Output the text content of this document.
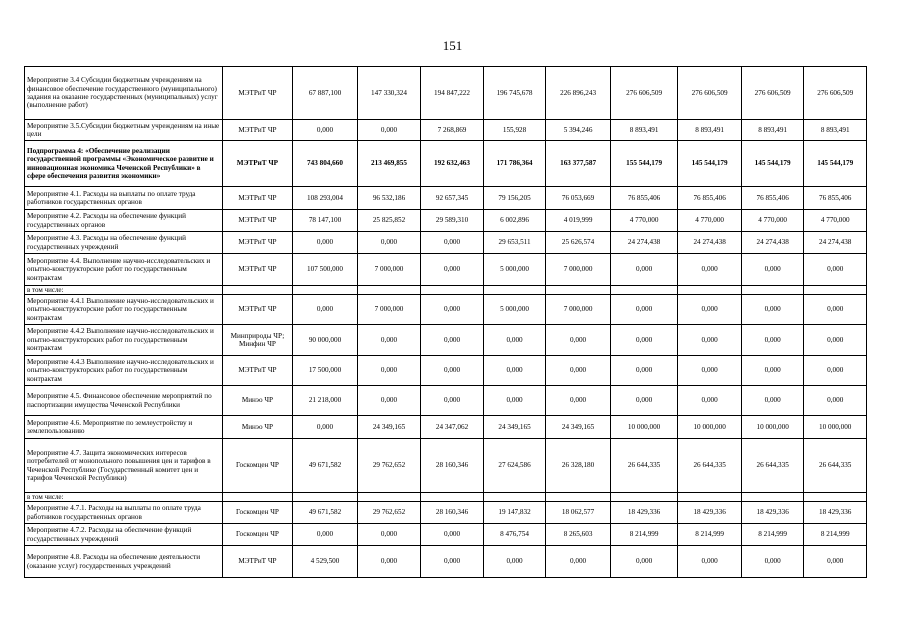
151
Мероприятие 3.4 Субсидии бюджетным учреждениям на финансовое обеспечение государственного (муниципального) задания на оказание государственных (муниципальных) услуг (выполнение работ)	МЭТРиТ ЧР	67 887,100	147 330,324	194 847,222	196 745,678	226 896,243	276 606,509	276 606,509	276 606,509	276 606,509
Мероприятие 3.5.Субсидии бюджетным учреждениям на иные цели	МЭТРиТ ЧР	0,000	0,000	7 268,869	155,928	5 394,246	8 893,491	8 893,491	8 893,491	8 893,491
Подпрограмма 4: «Обеспечение реализации государственной программы «Экономическое развитие и инновационная экономика Чеченской Республики» в сфере обеспечения развития экономики»	МЭТРиТ ЧР	743 804,660	213 469,855	192 632,463	171 786,364	163 377,587	155 544,179	145 544,179	145 544,179	145 544,179
Мероприятие 4.1. Расходы на выплаты по оплате труда работников государственных органов	МЭТРиТ ЧР	108 293,004	96 532,186	92 657,345	79 156,205	76 053,669	76 855,406	76 855,406	76 855,406	76 855,406
Мероприятие 4.2. Расходы на обеспечение функций государственных органов	МЭТРиТ ЧР	78 147,100	25 825,852	29 589,310	6 002,896	4 019,999	4 770,000	4 770,000	4 770,000	4 770,000
Мероприятие 4.3. Расходы на обеспечение функций государственных учреждений	МЭТРиТ ЧР	0,000	0,000	0,000	29 653,511	25 626,574	24 274,438	24 274,438	24 274,438	24 274,438
Мероприятие 4.4. Выполнение научно-исследовательских и опытно-конструкторские работ по государственным контрактам	МЭТРиТ ЧР	107 500,000	7 000,000	0,000	5 000,000	7 000,000	0,000	0,000	0,000	0,000
в том числе:										
Мероприятие 4.4.1 Выполнение научно-исследовательских и опытно-конструкторские работ по государственным контрактам	МЭТРиТ ЧР	0,000	7 000,000	0,000	5 000,000	7 000,000	0,000	0,000	0,000	0,000
Мероприятие 4.4.2 Выполнение научно-исследовательских и опытно-конструкторских работ по государственным контрактам	Минприроды ЧР; Минфин ЧР	90 000,000	0,000	0,000	0,000	0,000	0,000	0,000	0,000	0,000
Мероприятие 4.4.3 Выполнение научно-исследовательских и опытно-конструкторских работ по государственным контрактам	МЭТРиТ ЧР	17 500,000	0,000	0,000	0,000	0,000	0,000	0,000	0,000	0,000
Мероприятие 4.5. Финансовое обеспечение мероприятий по паспортизации имущества Чеченской Республики	Минэо ЧР	21 218,000	0,000	0,000	0,000	0,000	0,000	0,000	0,000	0,000
Мероприятие 4.6. Мероприятие по землеустройству и землепользованию	Минэо ЧР	0,000	24 349,165	24 347,062	24 349,165	24 349,165	10 000,000	10 000,000	10 000,000	10 000,000
Мероприятие 4.7. Защита экономических интересов потребителей от монопольного повышения цен и тарифов в Чеченской Республике (Государственный комитет цен и тарифов Чеченской Республики)	Госкомцен ЧР	49 671,582	29 762,652	28 160,346	27 624,586	26 328,180	26 644,335	26 644,335	26 644,335	26 644,335
в том числе:										
Мероприятие 4.7.1. Расходы на выплаты по оплате труда работников государственных органов	Госкомцен ЧР	49 671,582	29 762,652	28 160,346	19 147,832	18 062,577	18 429,336	18 429,336	18 429,336	18 429,336
Мероприятие 4.7.2. Расходы на обеспечение функций государственных учреждений	Госкомцен ЧР	0,000	0,000	0,000	8 476,754	8 265,603	8 214,999	8 214,999	8 214,999	8 214,999
Мероприятие 4.8. Расходы на обеспечение деятельности (оказание услуг) государственных учреждений	МЭТРиТ ЧР	4 529,500	0,000	0,000	0,000	0,000	0,000	0,000	0,000	0,000
